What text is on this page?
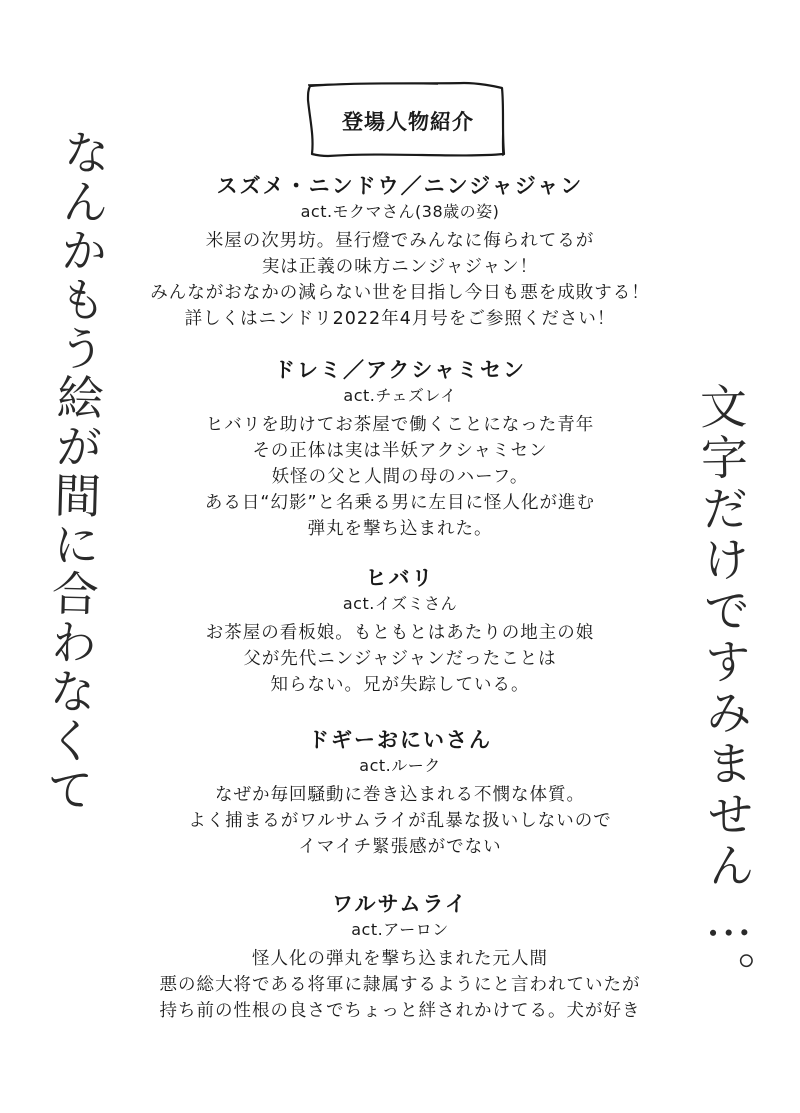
登場人物紹介
スズメ・ニンドウ／ニンジャジャン
act.モクマさん(38歳の姿)

米屋の次男坊。昼行燈でみんなに侮られてるが
実は正義の味方ニンジャジャン！
みんながおなかの減らない世を目指し今日も悪を成敗する！
詳しくはニンドリ2022年4月号をご参照ください！

ドレミ／アクシャミセン
act.チェズレイ

ヒバリを助けてお茶屋で働くことになった青年
その正体は実は半妖アクシャミセン
妖怪の父と人間の母のハーフ。
ある日“幻影”と名乗る男に左目に怪人化が進む
弾丸を撃ち込まれた。

ヒバリ
act.イズミさん

お茶屋の看板娘。もともとはあたりの地主の娘
父が先代ニンジャジャンだったことは
知らない。兄が失踪している。

ドギーおにいさん
act.ルーク

なぜか毎回騒動に巻き込まれる不憫な体質。
よく捕まるがワルサムライが乱暴な扱いしないので
イマイチ緊張感がでない

ワルサムライ
act.アーロン

怪人化の弾丸を撃ち込まれた元人間
悪の総大将である将軍に隷属するようにと言われていたが
持ち前の性根の良さでちょっと絆されかけてる。犬が好き

なんかもう絵が間に合わなくて	文字だけですみません…。
